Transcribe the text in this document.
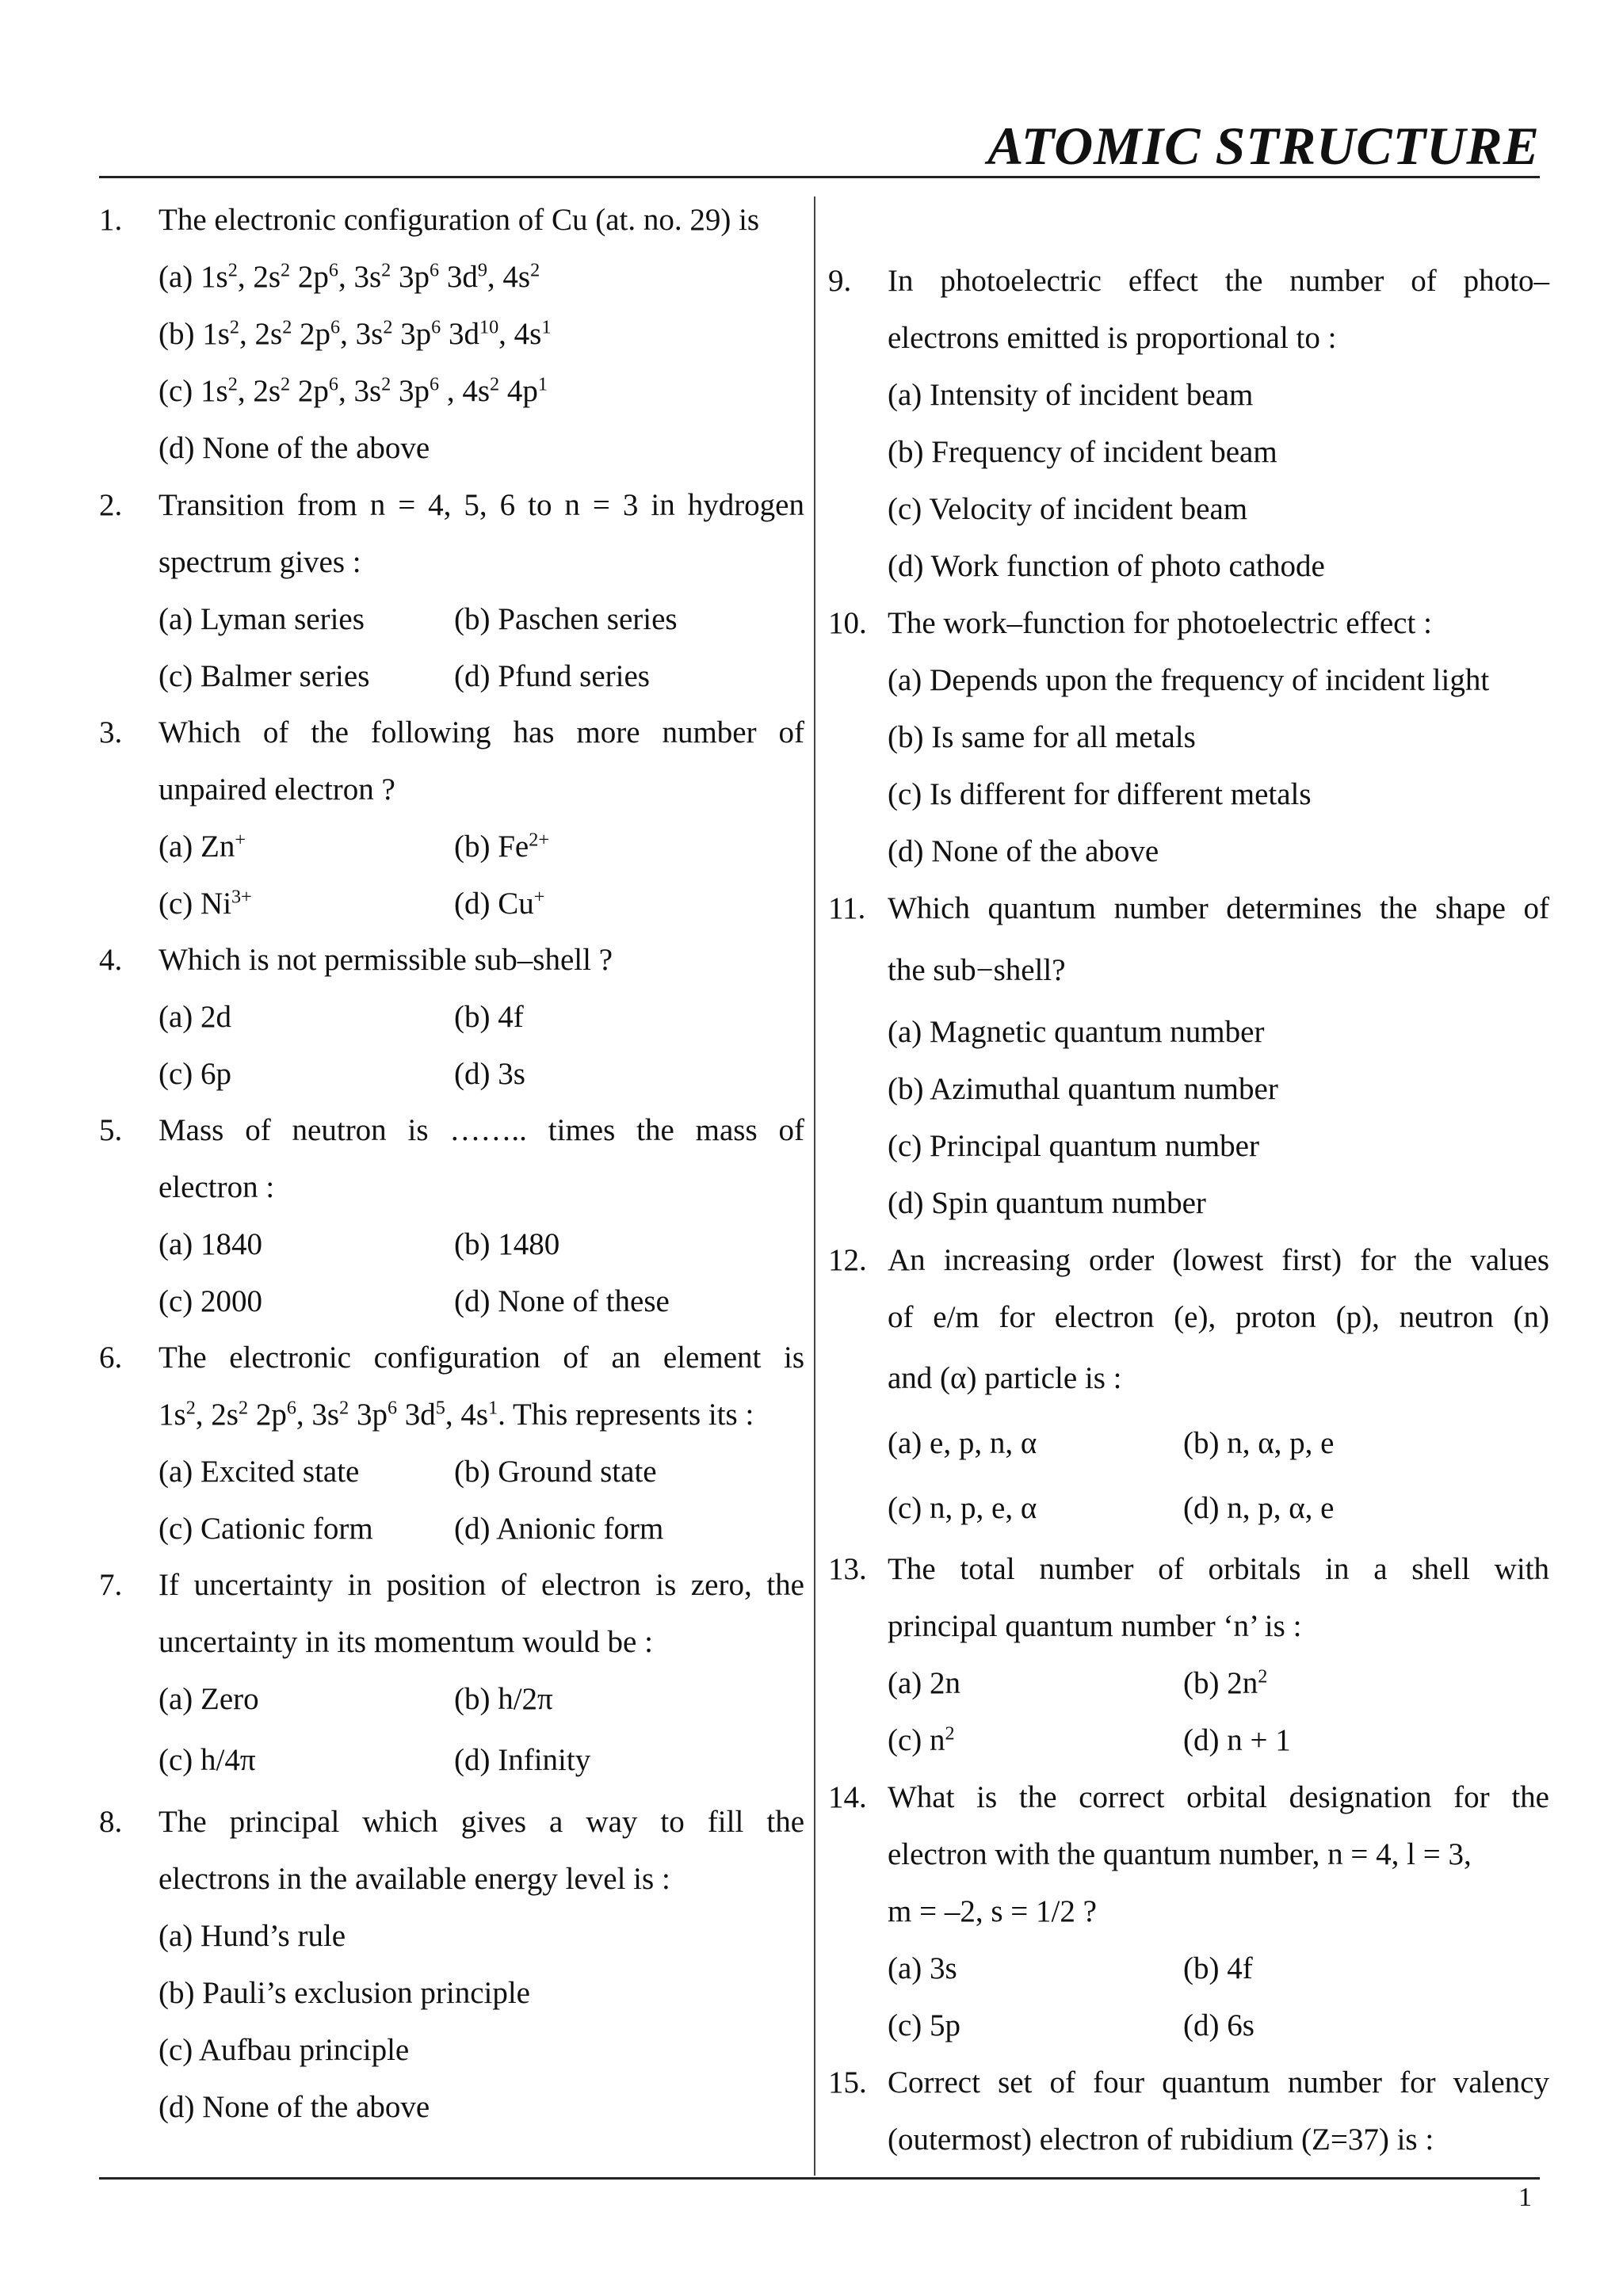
ATOMIC STRUCTURE
1. The electronic configuration of Cu (at. no. 29) is
(a) $1s^2$, $2s^2$ $2p^6$, $3s^2$ $3p^6$ $3d^9$, $4s^2$
(b) $1s^2$, $2s^2$ $2p^6$, $3s^2$ $3p^6$ $3d^{10}$, $4s^1$
(c) $1s^2$, $2s^2$ $2p^6$, $3s^2$ $3p^6$ , $4s^2$ $4p^1$
(d) None of the above
2. Transition from n = 4, 5, 6 to n = 3 in hydrogen
spectrum gives :
(a) Lyman series	(b) Paschen series
(c) Balmer series	(d) Pfund series
3. Which of the following has more number of
unpaired electron ?
(a) Zn+	(b) $Fe^{2+}$
(c) $Ni^{3+}$	(d) Cu+
4. Which is not permissible sub–shell ?
(a) 2d	(b) 4f
(c) 6p	(d) 3s
5. Mass of neutron is …….. times the mass of
electron :
(a) 1840	(b) 1480
(c) 2000	(d) None of these
6. The electronic configuration of an element is
$1s^2$, $2s^2$ $2p^6$, $3s^2$ $3p^6$ $3d^5$, $4s^1$. This represents its :
(a) Excited state	(b) Ground state
(c) Cationic form	(d) Anionic form
7. If uncertainty in position of electron is zero, the
uncertainty in its momentum would be :
(a) Zero	(b) h/2π
(c) h/4π	(d) Infinity
8. The principal which gives a way to fill the
electrons in the available energy level is :
(a) Hund’s rule
(b) Pauli’s exclusion principle
(c) Aufbau principle
(d) None of the above
9. In photoelectric effect the number of photo–
electrons emitted is proportional to :
(a) Intensity of incident beam
(b) Frequency of incident beam
(c) Velocity of incident beam
(d) Work function of photo cathode
10. The work–function for photoelectric effect :
(a) Depends upon the frequency of incident light
(b) Is same for all metals
(c) Is different for different metals
(d) None of the above
11. Which quantum number determines the shape of
the sub−shell?
(a) Magnetic quantum number
(b) Azimuthal quantum number
(c) Principal quantum number
(d) Spin quantum number
12. An increasing order (lowest first) for the values
of e/m for electron (e), proton (p), neutron (n)
and (α) particle is :
(a) e, p, n, α	(b) n, α, p, e
(c) n, p, e, α	(d) n, p, α, e
13. The total number of orbitals in a shell with
principal quantum number ‘n’ is :
(a) 2n	(b) $2n^2$
(c) $n^2$	(d) n + 1
14. What is the correct orbital designation for the
electron with the quantum number, n = 4, l = 3,
m = –2, s = 1/2 ?
(a) 3s	(b) 4f
(c) 5p	(d) 6s
15. Correct set of four quantum number for valency
(outermost) electron of rubidium (Z=37) is :
1
